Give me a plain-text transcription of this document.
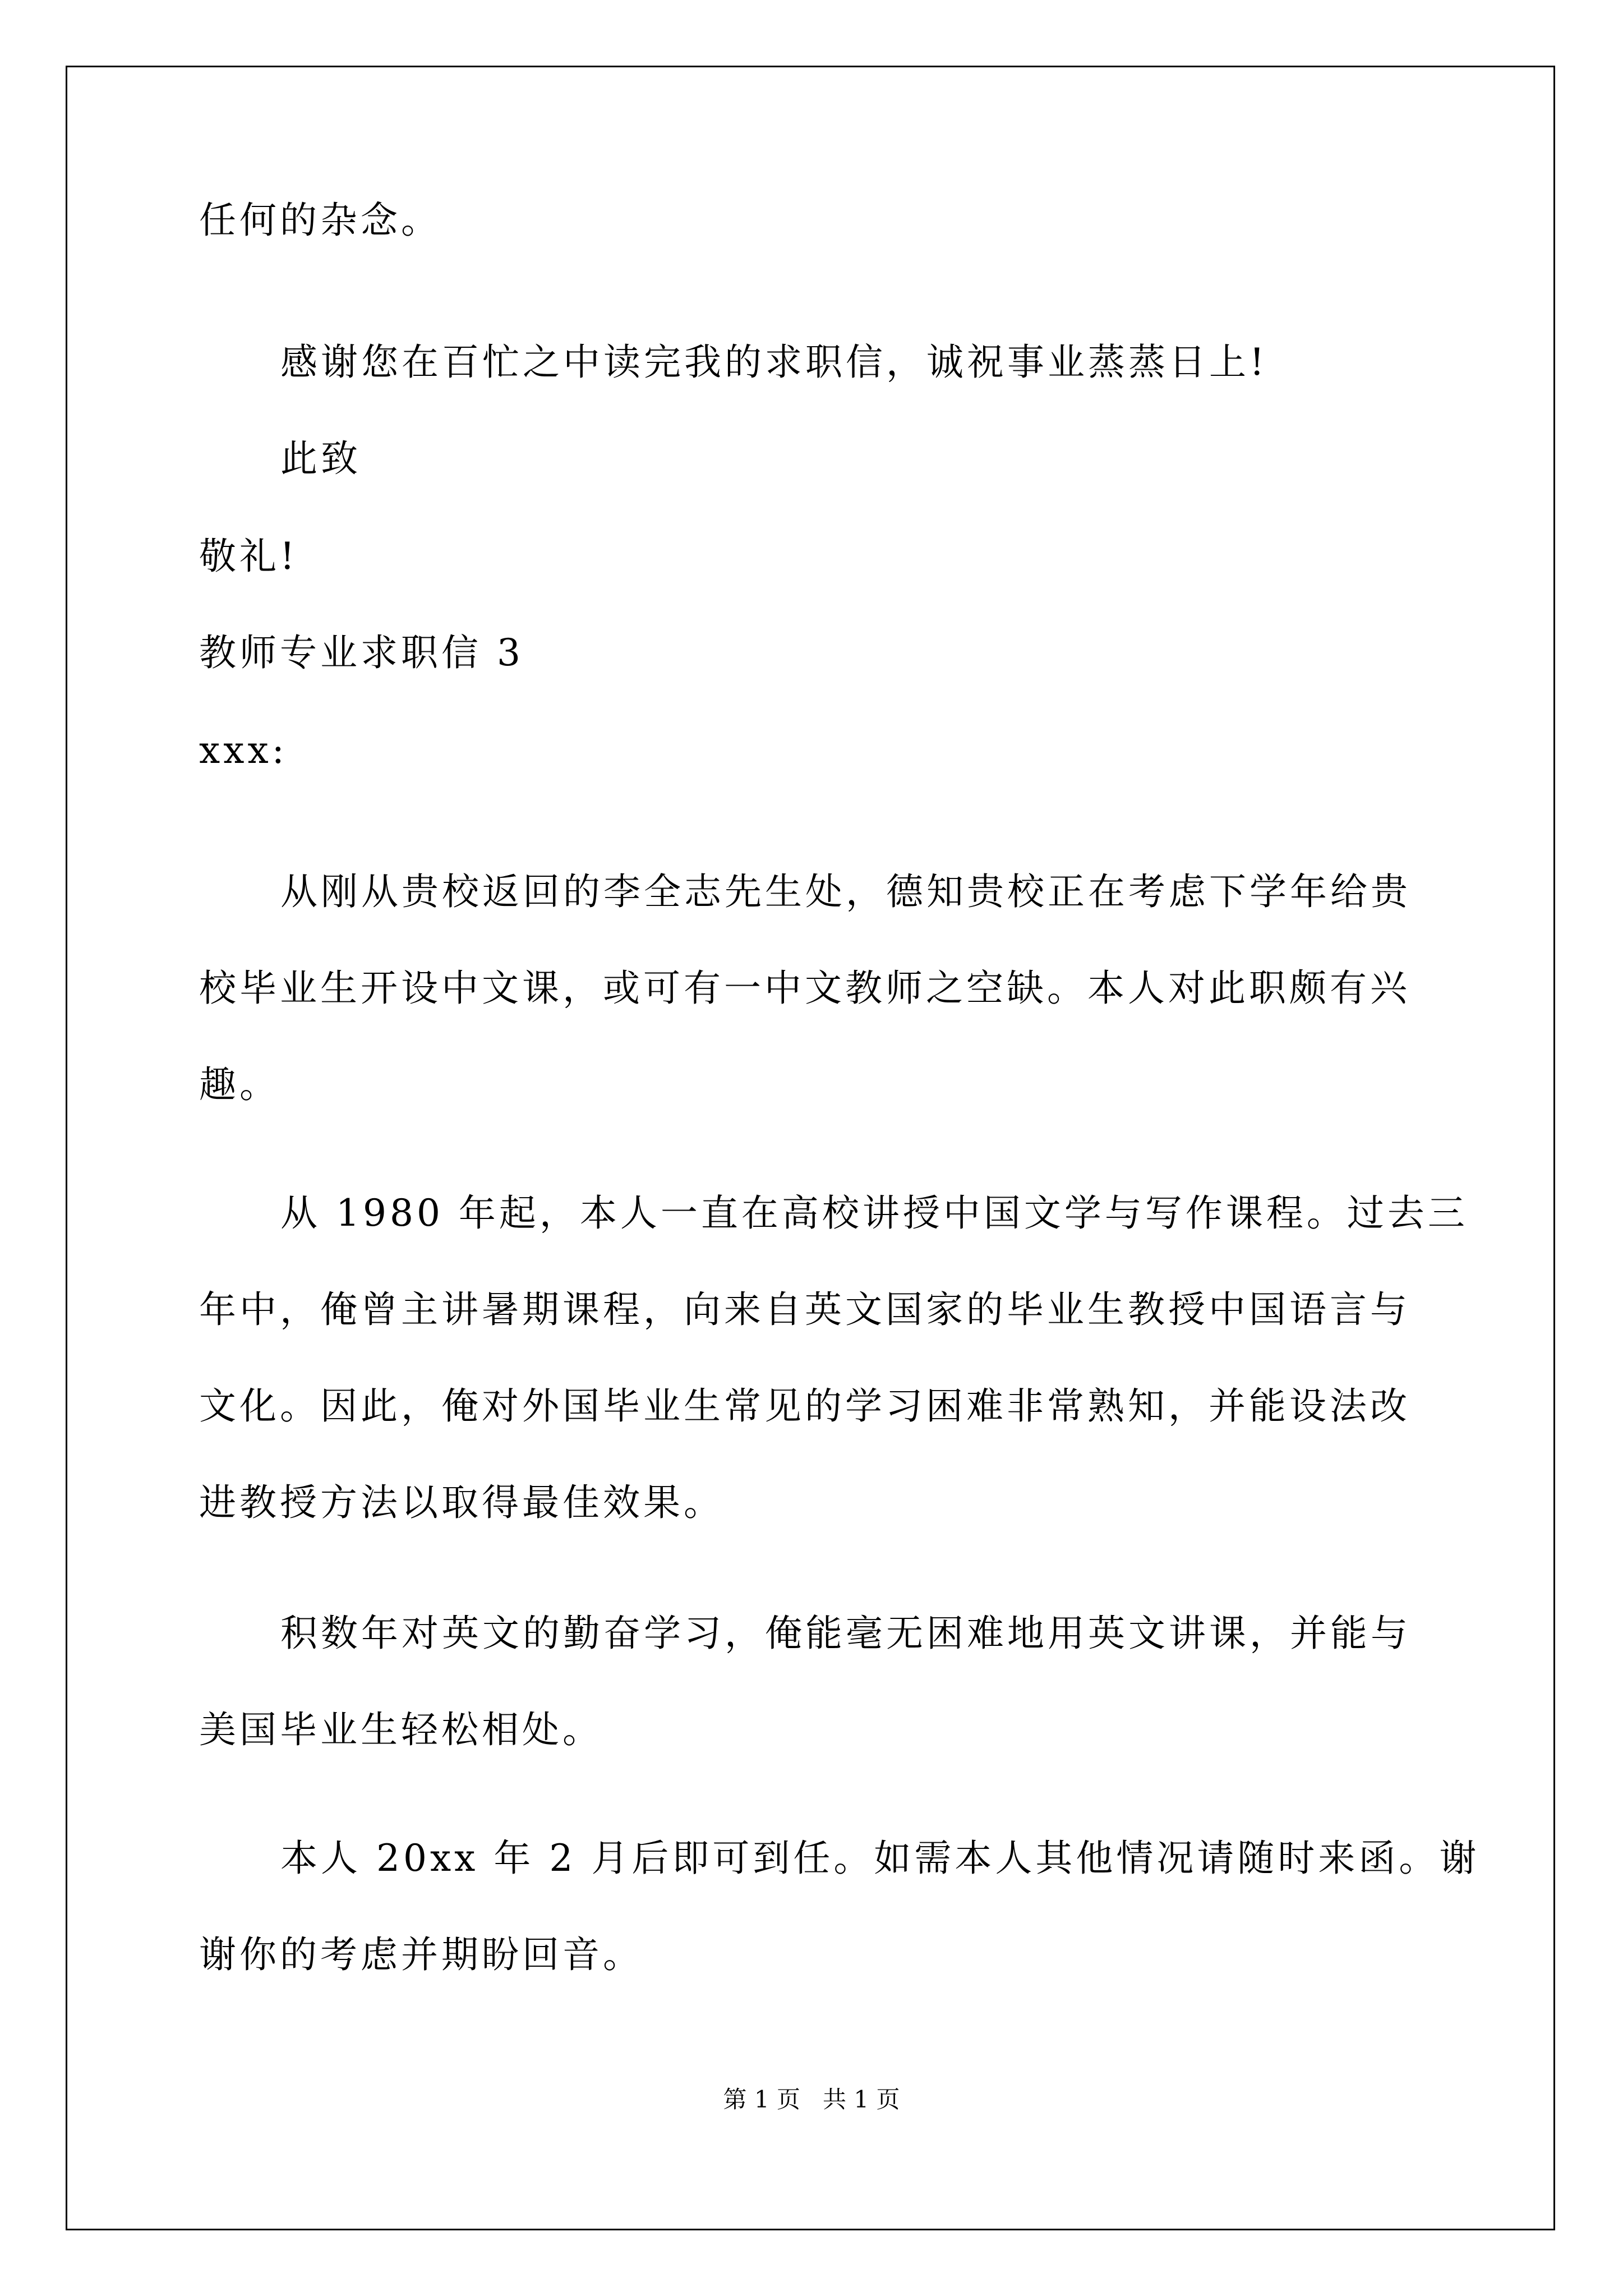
任何的杂念。
感谢您在百忙之中读完我的求职信，诚祝事业蒸蒸日上!
此致
敬礼!
教师专业求职信 3
xxx:
从刚从贵校返回的李全志先生处，德知贵校正在考虑下学年给贵
校毕业生开设中文课，或可有一中文教师之空缺。本人对此职颇有兴
趣。
从 1980 年起，本人一直在高校讲授中国文学与写作课程。过去三
年中，俺曾主讲暑期课程，向来自英文国家的毕业生教授中国语言与
文化。因此，俺对外国毕业生常见的学习困难非常熟知，并能设法改
进教授方法以取得最佳效果。
积数年对英文的勤奋学习，俺能毫无困难地用英文讲课，并能与
美国毕业生轻松相处。
本人 20xx 年 2 月后即可到任。如需本人其他情况请随时来函。谢
谢你的考虑并期盼回音。
第 1 页   共 1 页
